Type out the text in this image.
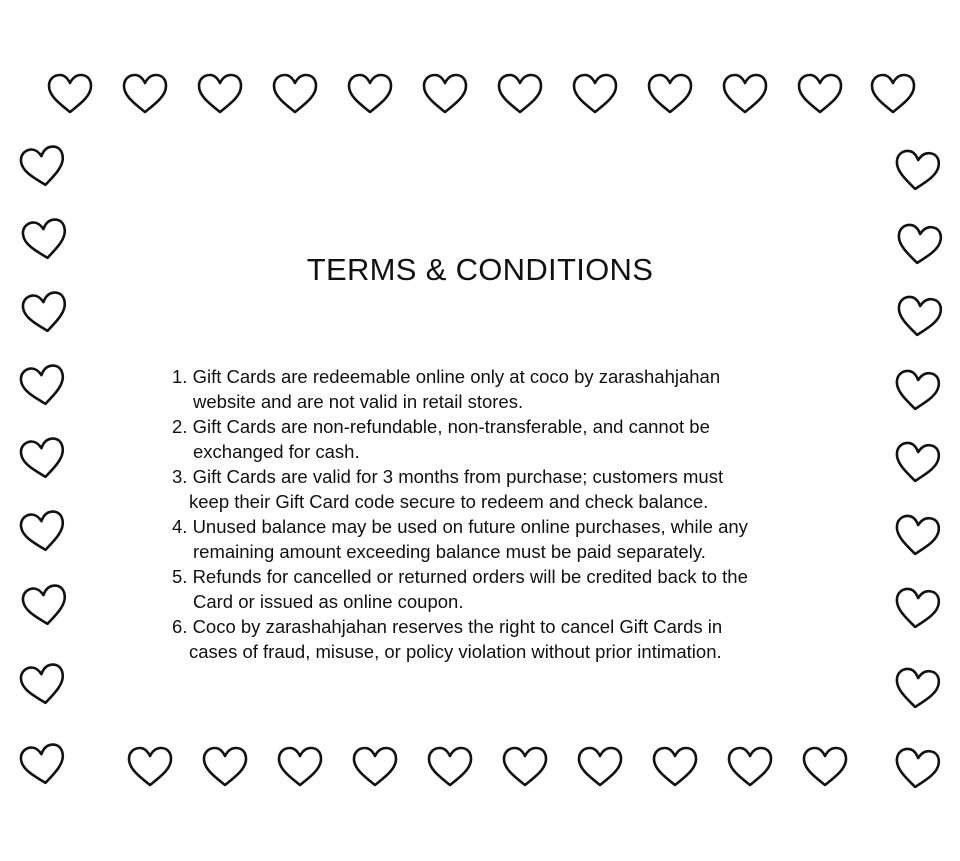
TERMS & CONDITIONS
1. Gift Cards are redeemable online only at coco by zarashahjahan
website and are not valid in retail stores.
2. Gift Cards are non-refundable, non-transferable, and cannot be
exchanged for cash.
3. Gift Cards are valid for 3 months from purchase; customers must
keep their Gift Card code secure to redeem and check balance.
4. Unused balance may be used on future online purchases, while any
remaining amount exceeding balance must be paid separately.
5. Refunds for cancelled or returned orders will be credited back to the
Card or issued as online coupon.
6. Coco by zarashahjahan reserves the right to cancel Gift Cards in
cases of fraud, misuse, or policy violation without prior intimation.
